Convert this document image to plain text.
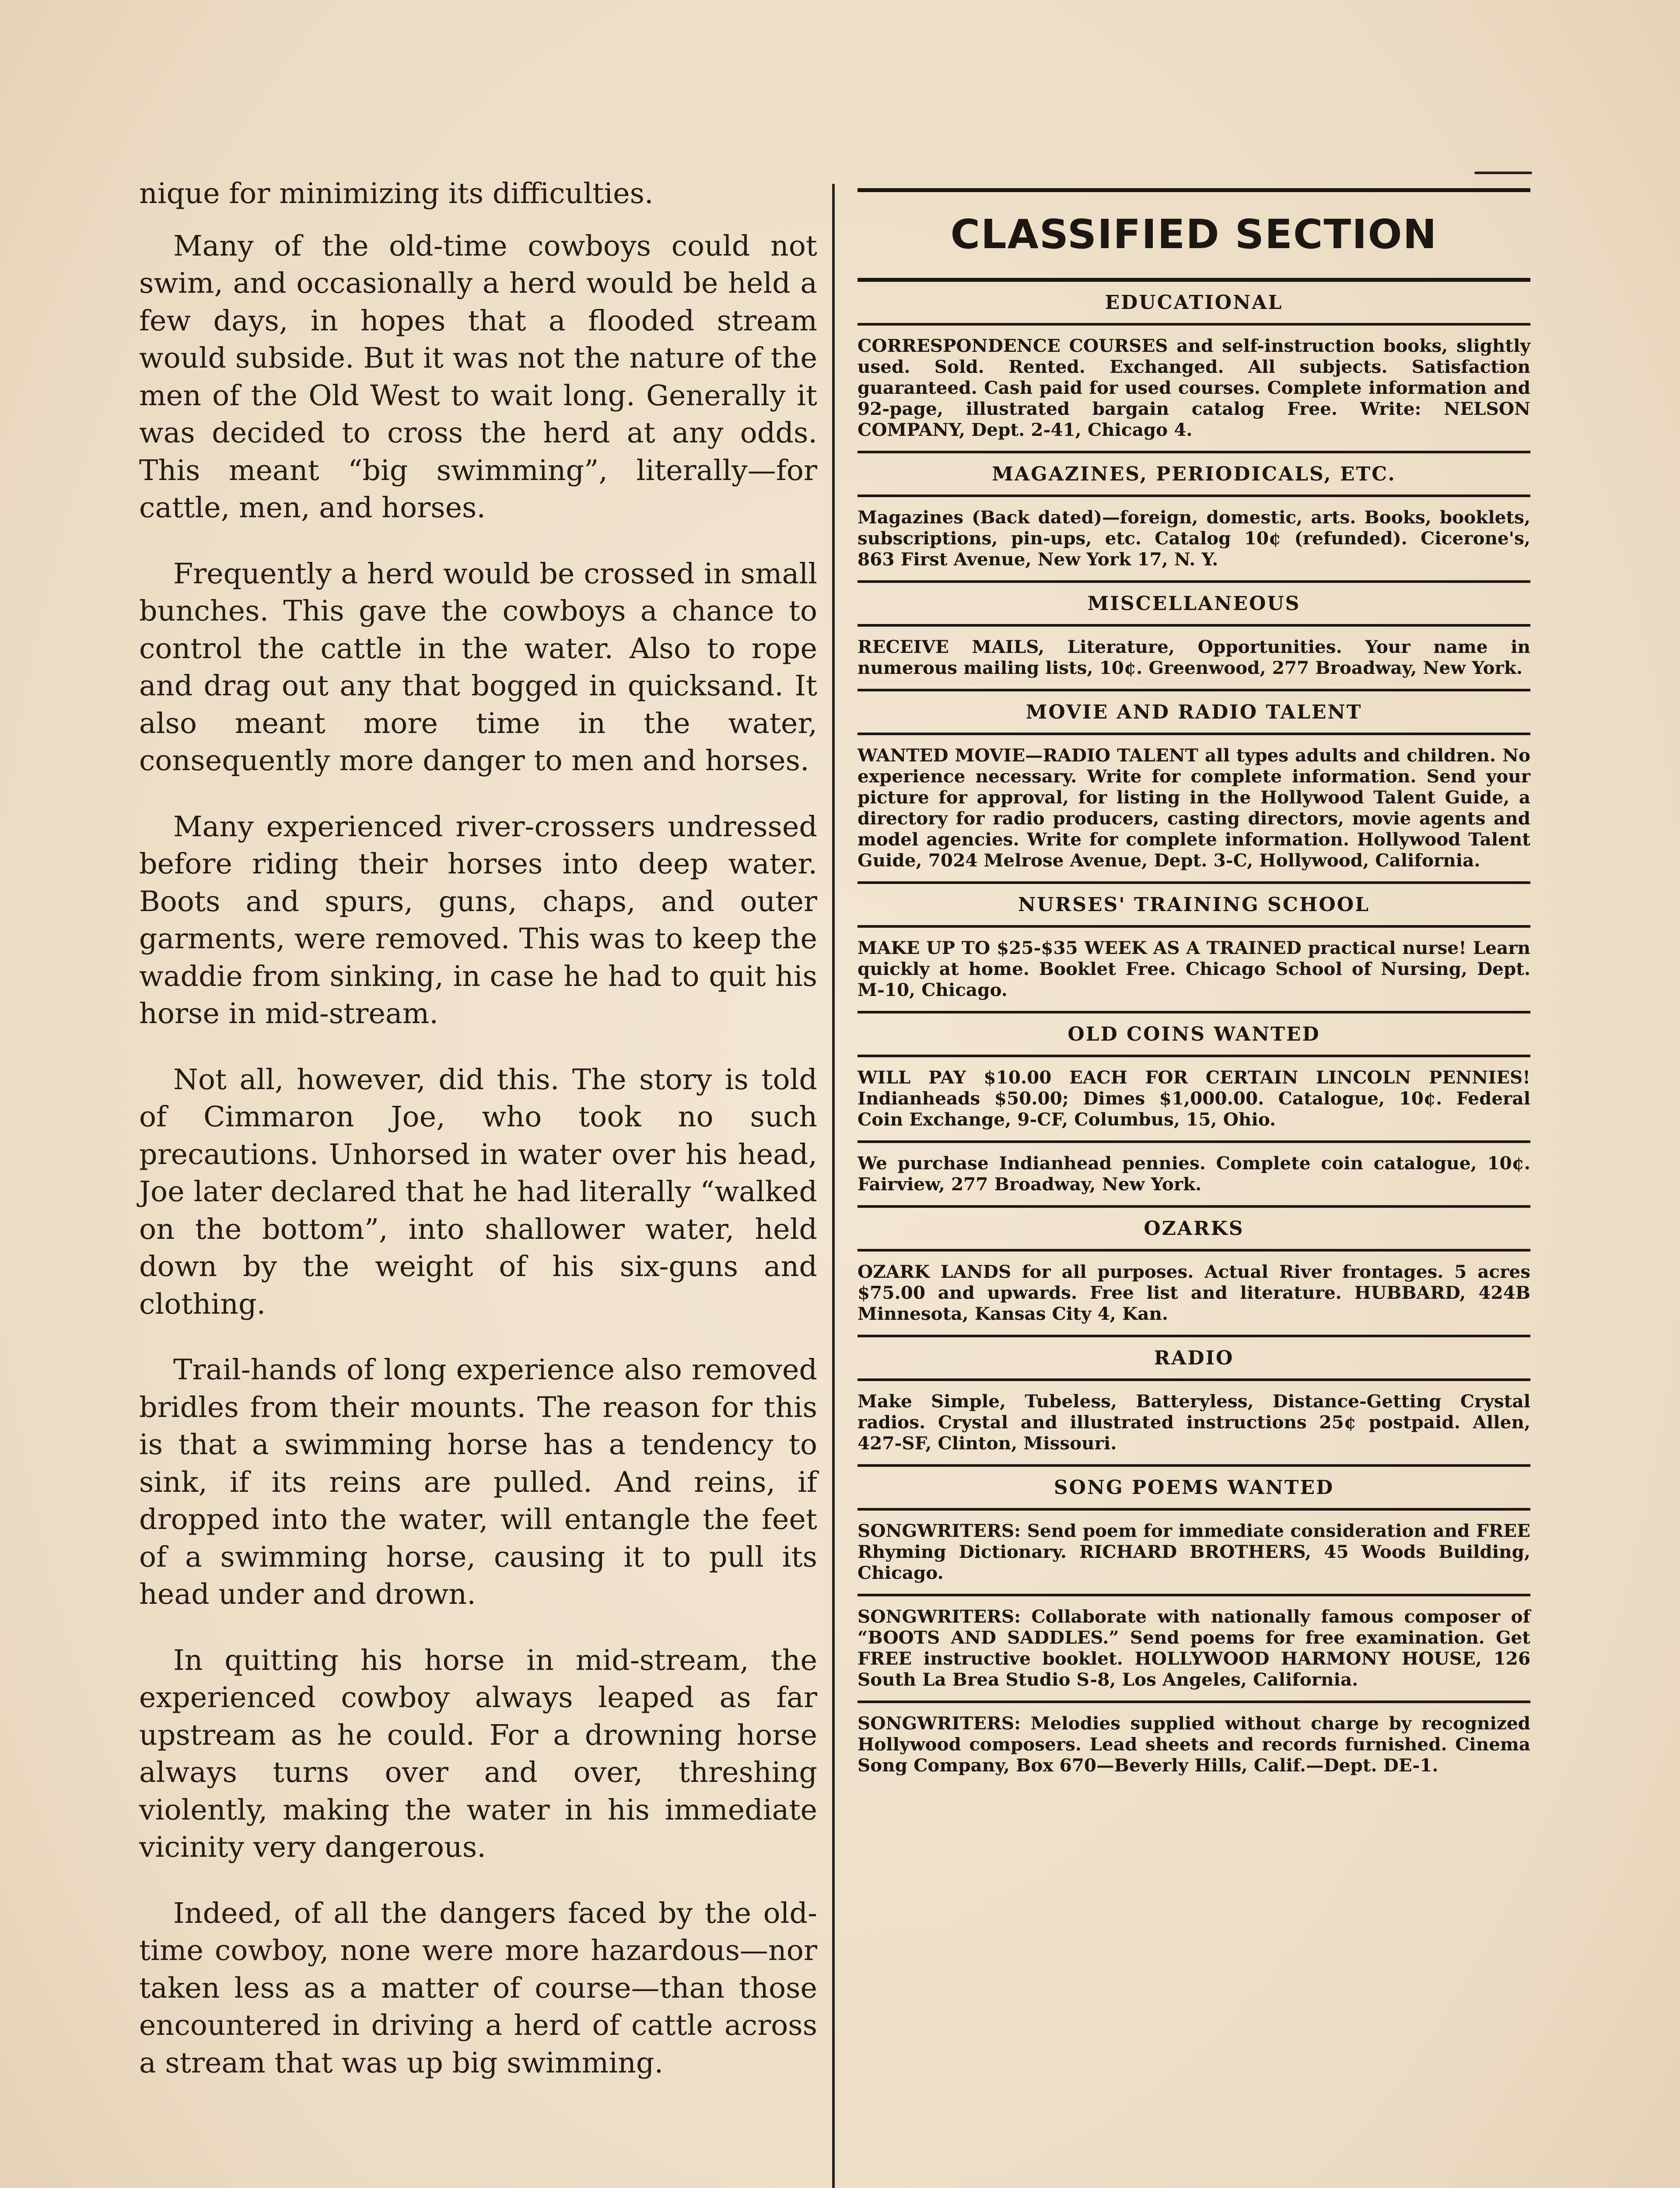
nique for minimizing its difficulties.

Many of the old-time cowboys could not swim, and occasionally a herd would be held a few days, in hopes that a flooded stream would subside. But it was not the nature of the men of the Old West to wait long. Generally it was decided to cross the herd at any odds. This meant “big swimming”, literally—for cattle, men, and horses.

Frequently a herd would be crossed in small bunches. This gave the cowboys a chance to control the cattle in the water. Also to rope and drag out any that bogged in quicksand. It also meant more time in the water, consequently more danger to men and horses.

Many experienced river-crossers undressed before riding their horses into deep water. Boots and spurs, guns, chaps, and outer garments, were removed. This was to keep the waddie from sinking, in case he had to quit his horse in mid-stream.

Not all, however, did this. The story is told of Cimmaron Joe, who took no such precautions. Unhorsed in water over his head, Joe later declared that he had literally “walked on the bottom”, into shallower water, held down by the weight of his six-guns and clothing.

Trail-hands of long experience also removed bridles from their mounts. The reason for this is that a swimming horse has a tendency to sink, if its reins are pulled. And reins, if dropped into the water, will entangle the feet of a swimming horse, causing it to pull its head under and drown.

In quitting his horse in mid-stream, the experienced cowboy always leaped as far upstream as he could. For a drowning horse always turns over and over, threshing violently, making the water in his immediate vicinity very dangerous.

Indeed, of all the dangers faced by the old-time cowboy, none were more hazardous—nor taken less as a matter of course—than those encountered in driving a herd of cattle across a stream that was up big swimming.

CLASSIFIED SECTION
EDUCATIONAL
CORRESPONDENCE COURSES and self-instruction books, slightly used. Sold. Rented. Exchanged. All subjects. Satisfaction guaranteed. Cash paid for used courses. Complete information and 92-page, illustrated bargain catalog Free. Write: NELSON COMPANY, Dept. 2-41, Chicago 4.
MAGAZINES, PERIODICALS, ETC.
Magazines (Back dated)—foreign, domestic, arts. Books, booklets, subscriptions, pin-ups, etc. Catalog 10¢ (refunded). Cicerone's, 863 First Avenue, New York 17, N. Y.
MISCELLANEOUS
RECEIVE MAILS, Literature, Opportunities. Your name in numerous mailing lists, 10¢. Greenwood, 277 Broadway, New York.
MOVIE AND RADIO TALENT
WANTED MOVIE—RADIO TALENT all types adults and children. No experience necessary. Write for complete information. Send your picture for approval, for listing in the Hollywood Talent Guide, a directory for radio producers, casting directors, movie agents and model agencies. Write for complete information. Hollywood Talent Guide, 7024 Melrose Avenue, Dept. 3-C, Hollywood, California.
NURSES' TRAINING SCHOOL
MAKE UP TO $25-$35 WEEK AS A TRAINED practical nurse! Learn quickly at home. Booklet Free. Chicago School of Nursing, Dept. M-10, Chicago.
OLD COINS WANTED
WILL PAY $10.00 EACH FOR CERTAIN LINCOLN PENNIES! Indianheads $50.00; Dimes $1,000.00. Catalogue, 10¢. Federal Coin Exchange, 9-CF, Columbus, 15, Ohio.
We purchase Indianhead pennies. Complete coin catalogue, 10¢. Fairview, 277 Broadway, New York.
OZARKS
OZARK LANDS for all purposes. Actual River frontages. 5 acres $75.00 and upwards. Free list and literature. HUBBARD, 424B Minnesota, Kansas City 4, Kan.
RADIO
Make Simple, Tubeless, Batteryless, Distance-Getting Crystal radios. Crystal and illustrated instructions 25¢ postpaid. Allen, 427-SF, Clinton, Missouri.
SONG POEMS WANTED
SONGWRITERS: Send poem for immediate consideration and FREE Rhyming Dictionary. RICHARD BROTHERS, 45 Woods Building, Chicago.
SONGWRITERS: Collaborate with nationally famous composer of “BOOTS AND SADDLES.” Send poems for free examination. Get FREE instructive booklet. HOLLYWOOD HARMONY HOUSE, 126 South La Brea Studio S-8, Los Angeles, California.
SONGWRITERS: Melodies supplied without charge by recognized Hollywood composers. Lead sheets and records furnished. Cinema Song Company, Box 670—Beverly Hills, Calif.—Dept. DE-1.
